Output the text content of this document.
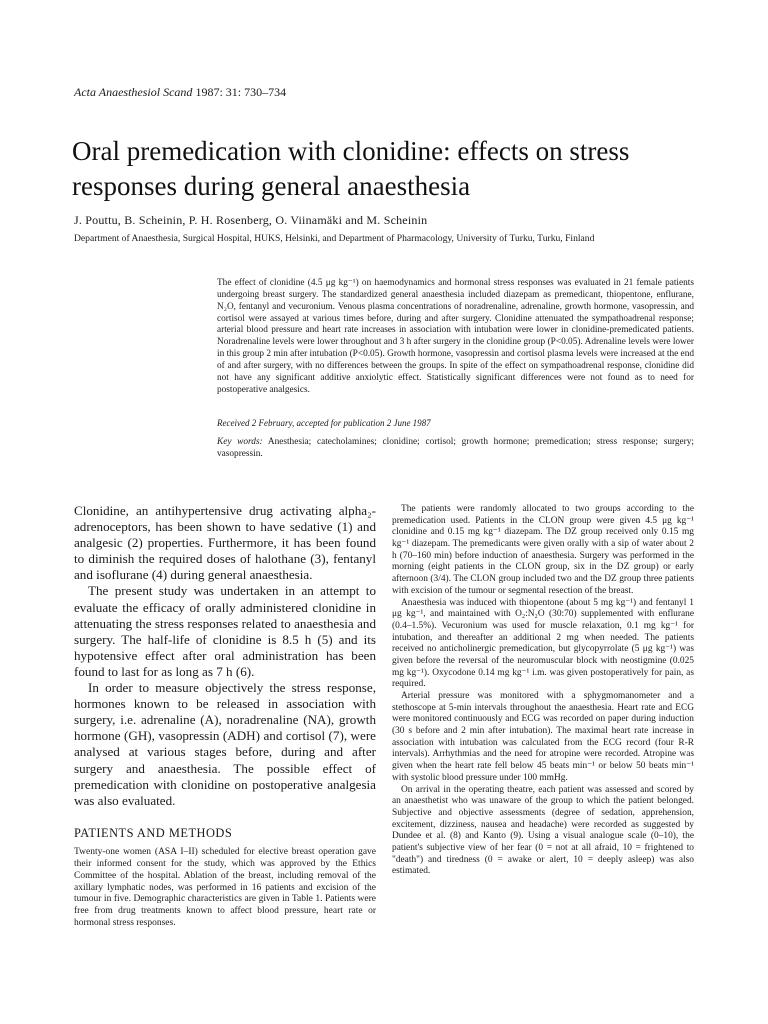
Acta Anaesthesiol Scand 1987: 31: 730–734
Oral premedication with clonidine: effects on stress responses during general anaesthesia
J. Pouttu, B. Scheinin, P. H. Rosenberg, O. Viinamäki and M. Scheinin
Department of Anaesthesia, Surgical Hospital, HUKS, Helsinki, and Department of Pharmacology, University of Turku, Turku, Finland

The effect of clonidine (4.5 μg kg⁻¹) on haemodynamics and hormonal stress responses was evaluated in 21 female patients undergoing breast surgery. The standardized general anaesthesia included diazepam as premedicant, thiopentone, enflurane, N₂O, fentanyl and vecuronium. Venous plasma concentrations of noradrenaline, adrenaline, growth hormone, vasopressin, and cortisol were assayed at various times before, during and after surgery. Clonidine attenuated the sympathoadrenal response; arterial blood pressure and heart rate increases in association with intubation were lower in clonidine-premedicated patients. Noradrenaline levels were lower throughout and 3 h after surgery in the clonidine group (P<0.05). Adrenaline levels were lower in this group 2 min after intubation (P<0.05). Growth hormone, vasopressin and cortisol plasma levels were increased at the end of and after surgery, with no differences between the groups. In spite of the effect on sympathoadrenal response, clonidine did not have any significant additive anxiolytic effect. Statistically significant differences were not found as to need for postoperative analgesics.

Received 2 February, accepted for publication 2 June 1987

Key words: Anesthesia; catecholamines; clonidine; cortisol; growth hormone; premedication; stress response; surgery; vasopressin.

Clonidine, an antihypertensive drug activating alpha₂-adrenoceptors, has been shown to have sedative (1) and analgesic (2) properties. Furthermore, it has been found to diminish the required doses of halothane (3), fentanyl and isoflurane (4) during general anaesthesia.

The present study was undertaken in an attempt to evaluate the efficacy of orally administered clonidine in attenuating the stress responses related to anaesthesia and surgery. The half-life of clonidine is 8.5 h (5) and its hypotensive effect after oral administration has been found to last for as long as 7 h (6).

In order to measure objectively the stress response, hormones known to be released in association with surgery, i.e. adrenaline (A), noradrenaline (NA), growth hormone (GH), vasopressin (ADH) and cortisol (7), were analysed at various stages before, during and after surgery and anaesthesia. The possible effect of premedication with clonidine on postoperative analgesia was also evaluated.

PATIENTS AND METHODS

Twenty-one women (ASA I–II) scheduled for elective breast operation gave their informed consent for the study, which was approved by the Ethics Committee of the hospital. Ablation of the breast, including removal of the axillary lymphatic nodes, was performed in 16 patients and excision of the tumour in five. Demographic characteristics are given in Table 1. Patients were free from drug treatments known to affect blood pressure, heart rate or hormonal stress responses.

The patients were randomly allocated to two groups according to the premedication used. Patients in the CLON group were given 4.5 μg kg⁻¹ clonidine and 0.15 mg kg⁻¹ diazepam. The DZ group received only 0.15 mg kg⁻¹ diazepam. The premedicants were given orally with a sip of water about 2 h (70–160 min) before induction of anaesthesia. Surgery was performed in the morning (eight patients in the CLON group, six in the DZ group) or early afternoon (3/4). The CLON group included two and the DZ group three patients with excision of the tumour or segmental resection of the breast.

Anaesthesia was induced with thiopentone (about 5 mg kg⁻¹) and fentanyl 1 μg kg⁻¹, and maintained with O₂:N₂O (30:70) supplemented with enflurane (0.4–1.5%). Vecuronium was used for muscle relaxation, 0.1 mg kg⁻¹ for intubation, and thereafter an additional 2 mg when needed. The patients received no anticholinergic premedication, but glycopyrrolate (5 μg kg⁻¹) was given before the reversal of the neuromuscular block with neostigmine (0.025 mg kg⁻¹). Oxycodone 0.14 mg kg⁻¹ i.m. was given postoperatively for pain, as required.

Arterial pressure was monitored with a sphygmomanometer and a stethoscope at 5-min intervals throughout the anaesthesia. Heart rate and ECG were monitored continuously and ECG was recorded on paper during induction (30 s before and 2 min after intubation). The maximal heart rate increase in association with intubation was calculated from the ECG record (four R-R intervals). Arrhythmias and the need for atropine were recorded. Atropine was given when the heart rate fell below 45 beats min⁻¹ or below 50 beats min⁻¹ with systolic blood pressure under 100 mmHg.

On arrival in the operating theatre, each patient was assessed and scored by an anaesthetist who was unaware of the group to which the patient belonged. Subjective and objective assessments (degree of sedation, apprehension, excitement, dizziness, nausea and headache) were recorded as suggested by Dundee et al. (8) and Kanto (9). Using a visual analogue scale (0–10), the patient's subjective view of her fear (0 = not at all afraid, 10 = frightened to "death") and tiredness (0 = awake or alert, 10 = deeply asleep) was also estimated.
